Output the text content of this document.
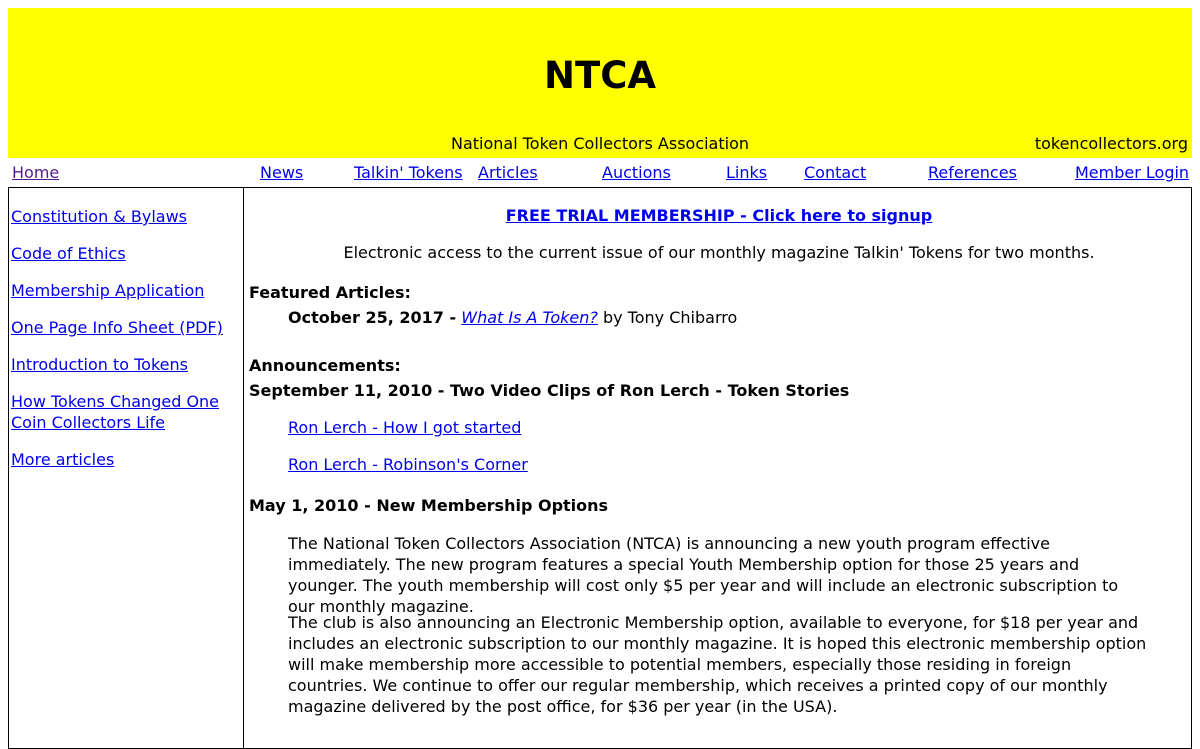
NTCA
National Token Collectors Association	tokencollectors.org
Home	News	Talkin' Tokens Articles	Auctions	Links Contact	References	Member Login
Constitution & Bylaws
Code of Ethics
Membership Application
One Page Info Sheet (PDF)
Introduction to Tokens
How Tokens Changed One Coin Collectors Life
More articles
FREE TRIAL MEMBERSHIP - Click here to signup
Electronic access to the current issue of our monthly magazine Talkin' Tokens for two months.
Featured Articles:
October 25, 2017 - What Is A Token? by Tony Chibarro
Announcements:
September 11, 2010 - Two Video Clips of Ron Lerch - Token Stories
Ron Lerch - How I got started
Ron Lerch - Robinson's Corner
May 1, 2010 - New Membership Options

The National Token Collectors Association (NTCA) is announcing a new youth program effective immediately. The new program features a special Youth Membership option for those 25 years and younger. The youth membership will cost only $5 per year and will include an electronic subscription to our monthly magazine.

The club is also announcing an Electronic Membership option, available to everyone, for $18 per year and includes an electronic subscription to our monthly magazine. It is hoped this electronic membership option will make membership more accessible to potential members, especially those residing in foreign countries. We continue to offer our regular membership, which receives a printed copy of our monthly magazine delivered by the post office, for $36 per year (in the USA).
